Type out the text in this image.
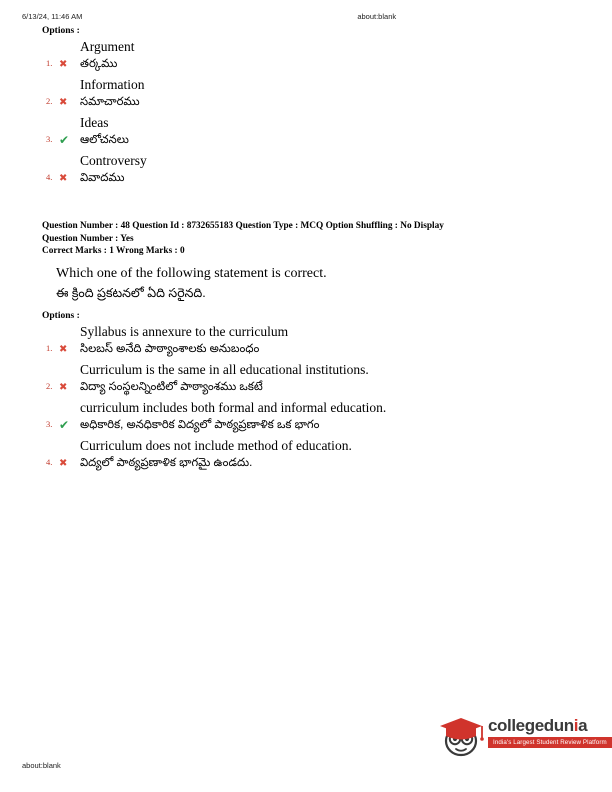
6/13/24, 11:46 AM	about:blank

Options :

1. ✖

Argument

తర్కము

2. ✖

Information

సమాచారము

3. ✔

Ideas

ఆలోచనలు

4. ✖

Controversy

వివాదము

Question Number : 48 Question Id : 8732655183 Question Type : MCQ Option Shuffling : No Display

Question Number : Yes

Correct Marks : 1 Wrong Marks : 0

Which one of the following statement is correct.

ఈ క్రింది ప్రకటనలో ఏది సరైనది.

Options :

1. ✖

Syllabus is annexure to the curriculum

సిలబస్ అనేది పాఠ్యాంశాలకు అనుబంధం

2. ✖

Curriculum is the same in all educational institutions.

విద్యా సంస్థలన్నింటిలో పాఠ్యాంశము ఒకటే

3. ✔

curriculum includes both formal and informal education.

అధికారిక, అనధికారిక విద్యలో పాఠ్యప్రణాళిక ఒక భాగం

4. ✖

Curriculum does not include method of education.

విద్యలో పాఠ్యప్రణాళిక భాగమై ఉండదు.

collegedunia
India's Largest Student Review Platform
about:blank
